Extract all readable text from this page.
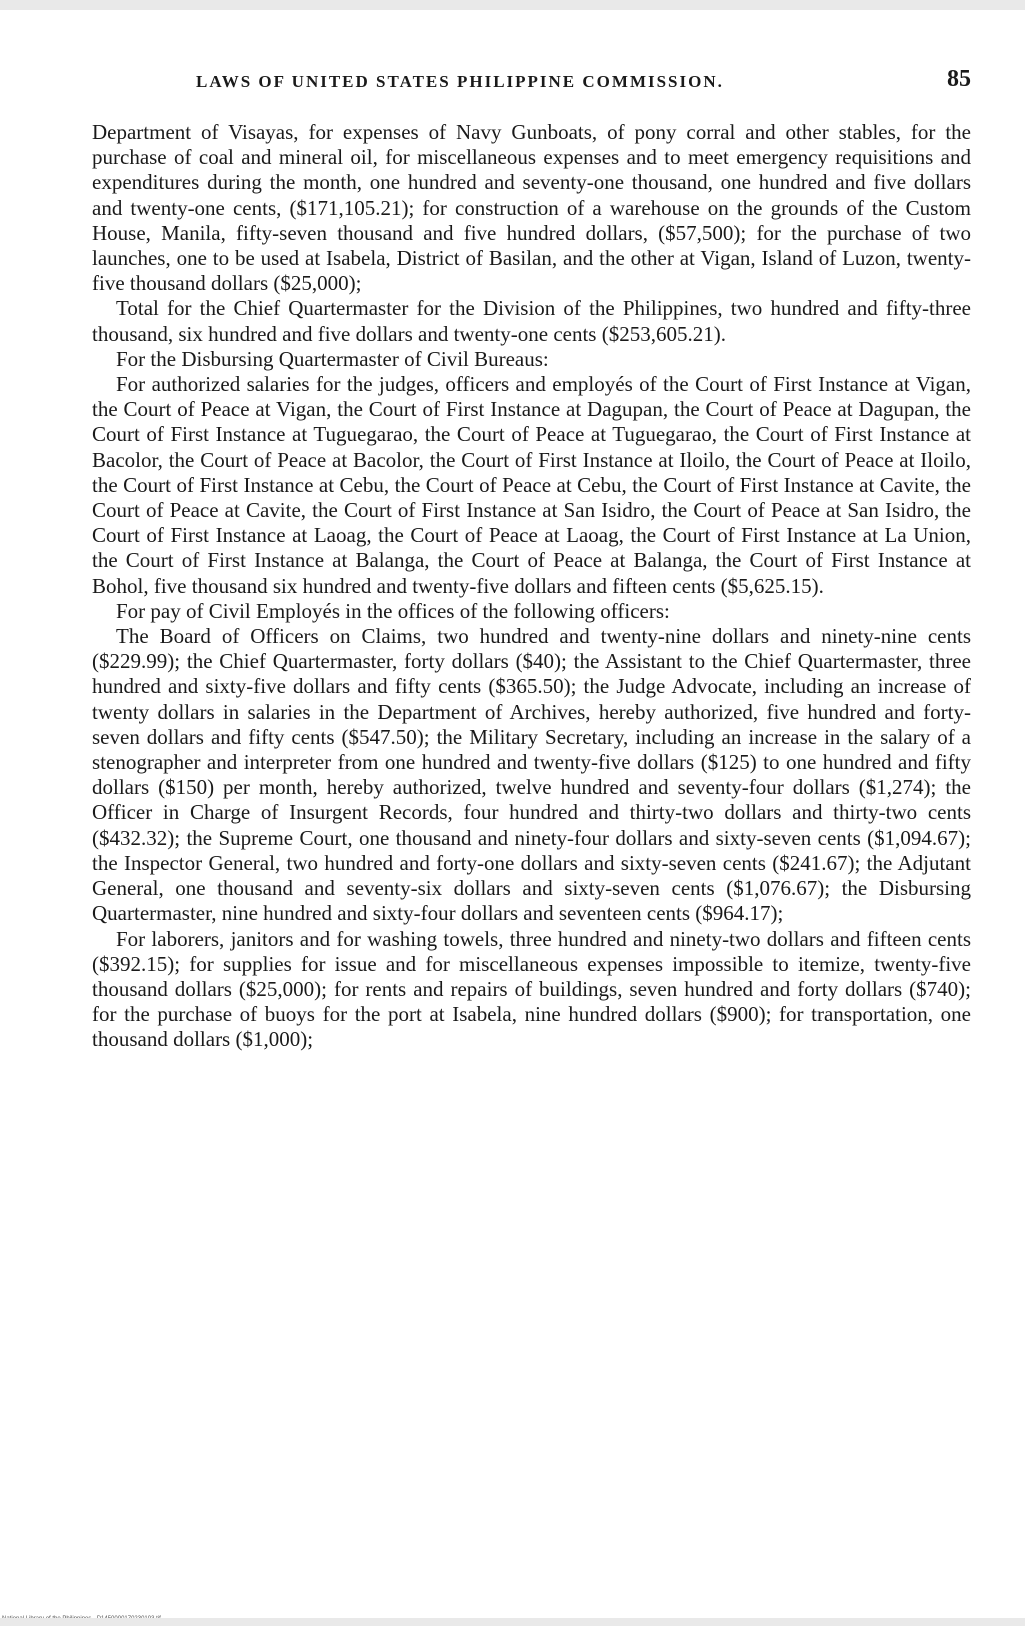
LAWS OF UNITED STATES PHILIPPINE COMMISSION.	85

Department of Visayas, for expenses of Navy Gunboats, of pony corral and other stables, for the purchase of coal and mineral oil, for miscellaneous expenses and to meet emergency requisitions and expenditures during the month, one hundred and seventy-one thousand, one hundred and five dollars and twenty-one cents, ($171,105.21); for construction of a warehouse on the grounds of the Custom House, Manila, fifty-seven thousand and five hundred dollars, ($57,500); for the purchase of two launches, one to be used at Isabela, District of Basilan, and the other at Vigan, Island of Luzon, twenty-five thousand dollars ($25,000);

Total for the Chief Quartermaster for the Division of the Philippines, two hundred and fifty-three thousand, six hundred and five dollars and twenty-one cents ($253,605.21).

For the Disbursing Quartermaster of Civil Bureaus:

For authorized salaries for the judges, officers and employés of the Court of First Instance at Vigan, the Court of Peace at Vigan, the Court of First Instance at Dagupan, the Court of Peace at Dagupan, the Court of First Instance at Tuguegarao, the Court of Peace at Tuguegarao, the Court of First Instance at Bacolor, the Court of Peace at Bacolor, the Court of First Instance at Iloilo, the Court of Peace at Iloilo, the Court of First Instance at Cebu, the Court of Peace at Cebu, the Court of First Instance at Cavite, the Court of Peace at Cavite, the Court of First Instance at San Isidro, the Court of Peace at San Isidro, the Court of First Instance at Laoag, the Court of Peace at Laoag, the Court of First Instance at La Union, the Court of First Instance at Balanga, the Court of Peace at Balanga, the Court of First Instance at Bohol, five thousand six hundred and twenty-five dollars and fifteen cents ($5,625.15).

For pay of Civil Employés in the offices of the following officers:

The Board of Officers on Claims, two hundred and twenty-nine dollars and ninety-nine cents ($229.99); the Chief Quartermaster, forty dollars ($40); the Assistant to the Chief Quartermaster, three hundred and sixty-five dollars and fifty cents ($365.50); the Judge Advocate, including an increase of twenty dollars in salaries in the Department of Archives, hereby authorized, five hundred and forty-seven dollars and fifty cents ($547.50); the Military Secretary, including an increase in the salary of a stenographer and interpreter from one hundred and twenty-five dollars ($125) to one hundred and fifty dollars ($150) per month, hereby authorized, twelve hundred and seventy-four dollars ($1,274); the Officer in Charge of Insurgent Records, four hundred and thirty-two dollars and thirty-two cents ($432.32); the Supreme Court, one thousand and ninety-four dollars and sixty-seven cents ($1,094.67); the Inspector General, two hundred and forty-one dollars and sixty-seven cents ($241.67); the Adjutant General, one thousand and seventy-six dollars and sixty-seven cents ($1,076.67); the Disbursing Quartermaster, nine hundred and sixty-four dollars and seventeen cents ($964.17);

For laborers, janitors and for washing towels, three hundred and ninety-two dollars and fifteen cents ($392.15); for supplies for issue and for miscellaneous expenses impossible to itemize, twenty-five thousand dollars ($25,000); for rents and repairs of buildings, seven hundred and forty dollars ($740); for the purchase of buoys for the port at Isabela, nine hundred dollars ($900); for transportation, one thousand dollars ($1,000);
